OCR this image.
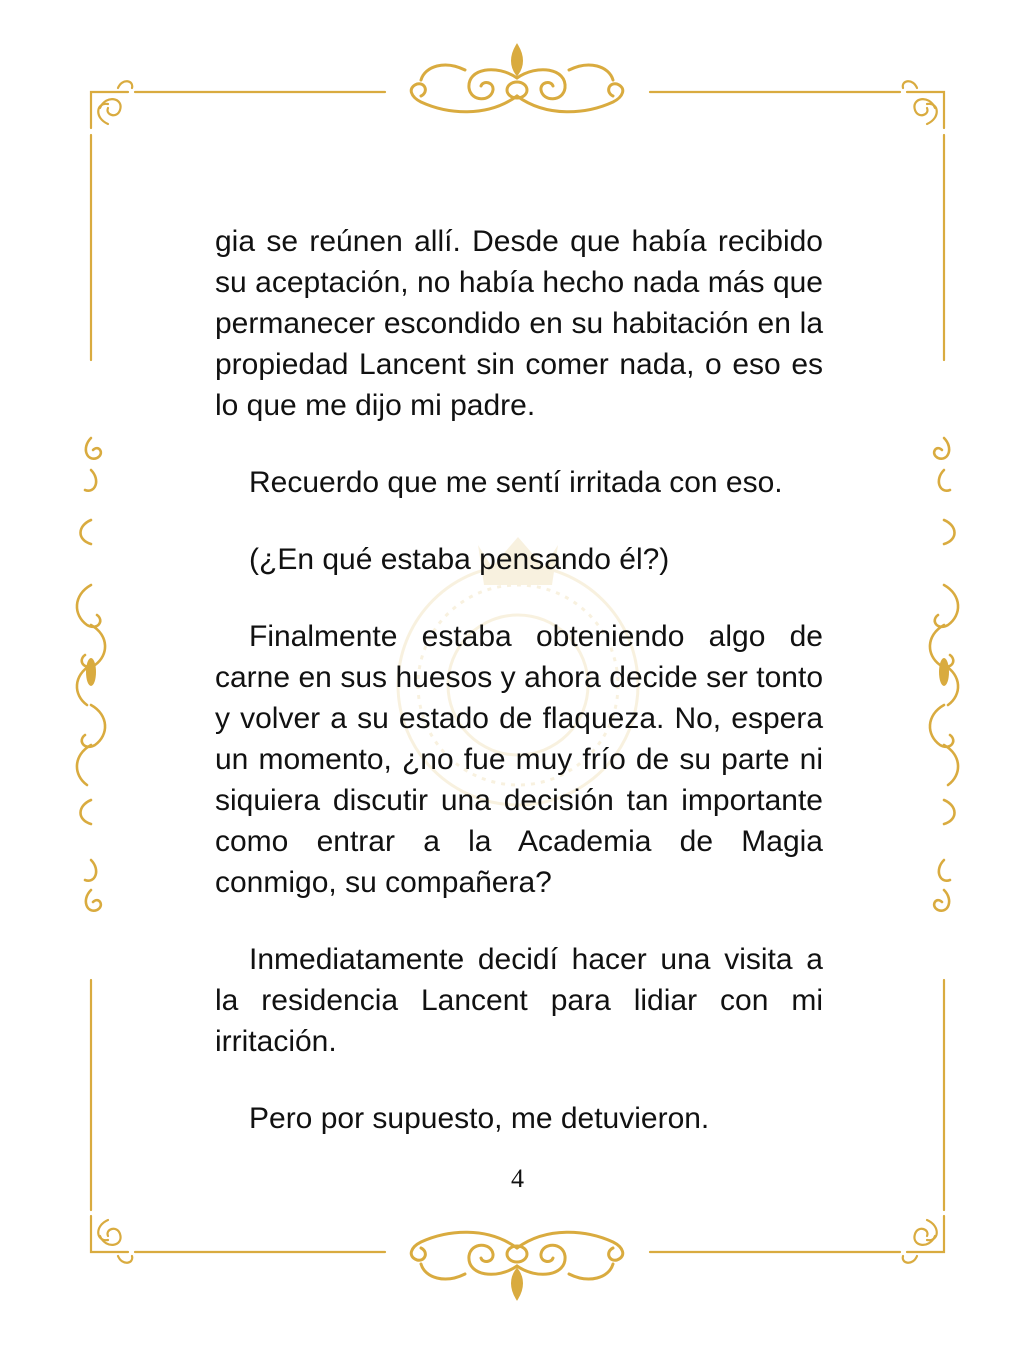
gia se reúnen allí. Desde que había recibido su aceptación, no había hecho nada más que permanecer escondido en su habitación en la propiedad Lancent sin comer nada, o eso es lo que me dijo mi padre.

Recuerdo que me sentí irritada con eso.

(¿En qué estaba pensando él?)

Finalmente estaba obteniendo algo de carne en sus huesos y ahora decide ser tonto y volver a su estado de flaqueza. No, espera un momento, ¿no fue muy frío de su parte ni siquiera discutir una decisión tan importante como entrar a la Academia de Magia conmigo, su compañera?

Inmediatamente decidí hacer una visita a la residencia Lancent para lidiar con mi irritación.

Pero por supuesto, me detuvieron.

4
